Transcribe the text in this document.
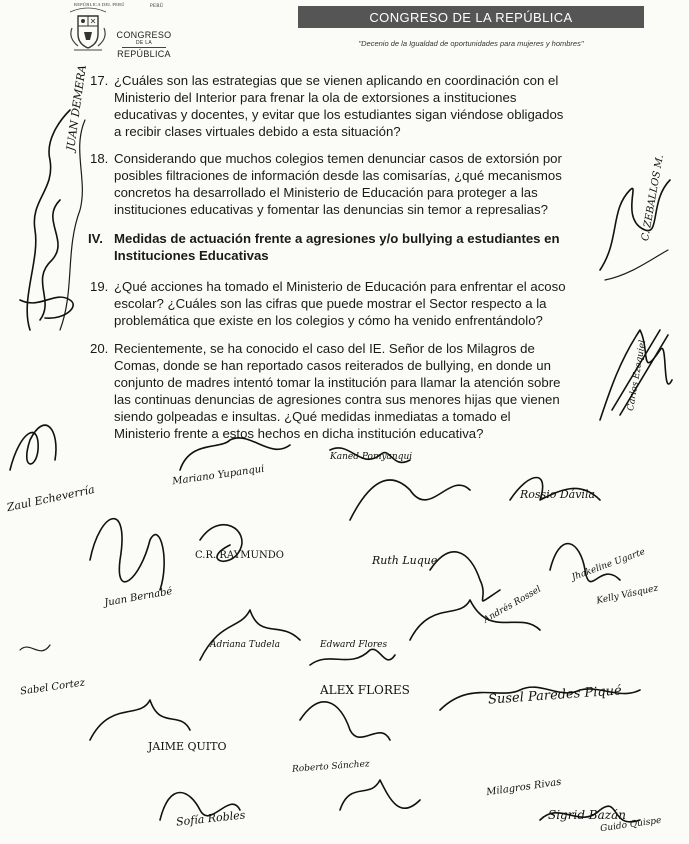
REPÚBLICA DEL PERÚ	PERÚ
CONGRESO
DE LA
REPÚBLICA
CONGRESO DE LA REPÚBLICA
"Decenio de la Igualdad de oportunidades para mujeres y hombres"
17. ¿Cuáles son las estrategias que se vienen aplicando en coordinación con el
Ministerio del Interior para frenar la ola de extorsiones a instituciones
educativas y docentes, y evitar que los estudiantes sigan viéndose obligados
a recibir clases virtuales debido a esta situación?
18. Considerando que muchos colegios temen denunciar casos de extorsión por
posibles filtraciones de información desde las comisarías, ¿qué mecanismos
concretos ha desarrollado el Ministerio de Educación para proteger a las
instituciones educativas y fomentar las denuncias sin temor a represalias?
IV. Medidas de actuación frente a agresiones y/o bullying a estudiantes en
Instituciones Educativas
19. ¿Qué acciones ha tomado el Ministerio de Educación para enfrentar el acoso
escolar? ¿Cuáles son las cifras que puede mostrar el Sector respecto a la
problemática que existe en los colegios y cómo ha venido enfrentándolo?
20. Recientemente, se ha conocido el caso del IE. Señor de los Milagros de
Comas, donde se han reportado casos reiterados de bullying, en donde un
conjunto de madres intentó tomar la institución para llamar la atención sobre
las continuas denuncias de agresiones contra sus menores hijas que vienen
siendo golpeadas e insultas. ¿Qué medidas inmediatas a tomado el
Ministerio frente a estos hechos en dicha institución educativa?
JUAN DEMERA
C. ZEBALLOS M.
Mariano Yupanqui
Rossio Dávila
Sabel Cortez	ALEX FLORES	Susel Paredes Piqué
JAIME QUITO
Milagros Rivas
Sigrid Bazán
C.R. RAYMUNDO	Ruth Luque
Kaned Pomyanqui
Zaul Echeverría
Sofía Robles
Roberto Sánchez
Edward Flores
Adriana Tudela
Juan Bernabé
Jhakeline Ugarte
Kelly Vásquez
Andrés Rossel
Carlos Ezequiel
Guido Quispe
